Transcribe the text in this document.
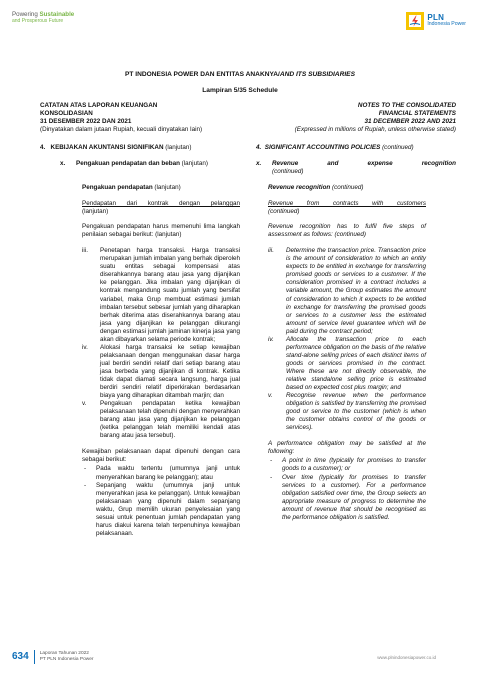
Powering Sustainable
and Prosperous Future	PLN
Indonesia Power
PT INDONESIA POWER DAN ENTITAS ANAKNYA/AND ITS SUBSIDIARIES
Lampiran 5/35 Schedule
CATATAN ATAS LAPORAN KEUANGAN
KONSOLIDASIAN
31 DESEMBER 2022 DAN 2021
(Dinyatakan dalam jutaan Rupiah, kecuali dinyatakan lain)
NOTES TO THE CONSOLIDATED
FINANCIAL STATEMENTS
31 DECEMBER 2022 AND 2021
(Expressed in millions of Rupiah, unless otherwise stated)
4. KEBIJAKAN AKUNTANSI SIGNIFIKAN (lanjutan)	4. SIGNIFICANT ACCOUNTING POLICIES (continued)
x. Pengakuan pendapatan dan beban (lanjutan)	x.	Revenue and expense recognition
(continued)
Pengakuan pendapatan (lanjutan)
Pendapatan dari kontrak dengan pelanggan
(lanjutan)
Pengakuan pendapatan harus memenuhi lima langkah penilaian sebagai berikut: (lanjutan)
iii.	Penetapan harga transaksi. Harga transaksi merupakan jumlah imbalan yang berhak diperoleh suatu entitas sebagai kompensasi atas diserahkannya barang atau jasa yang dijanjikan ke pelanggan. Jika imbalan yang dijanjikan di kontrak mengandung suatu jumlah yang bersifat variabel, maka Grup membuat estimasi jumlah imbalan tersebut sebesar jumlah yang diharapkan berhak diterima atas diserahkannya barang atau jasa yang dijanjikan ke pelanggan dikurangi dengan estimasi jumlah jaminan kinerja jasa yang akan dibayarkan selama periode kontrak;
iv.	Alokasi harga transaksi ke setiap kewajiban pelaksanaan dengan menggunakan dasar harga jual berdiri sendiri relatif dari setiap barang atau jasa berbeda yang dijanjikan di kontrak. Ketika tidak dapat diamati secara langsung, harga jual berdiri sendiri relatif diperkirakan berdasarkan biaya yang diharapkan ditambah marjin; dan
v.	Pengakuan pendapatan ketika kewajiban pelaksanaan telah dipenuhi dengan menyerahkan barang atau jasa yang dijanjikan ke pelanggan (ketika pelanggan telah memiliki kendali atas barang atau jasa tersebut).
Kewajiban pelaksanaan dapat dipenuhi dengan cara sebagai berikut:
-	Pada waktu tertentu (umumnya janji untuk menyerahkan barang ke pelanggan); atau
-	Sepanjang waktu (umumnya janji untuk menyerahkan jasa ke pelanggan). Untuk kewajiban pelaksanaan yang dipenuhi dalam sepanjang waktu, Grup memilih ukuran penyelesaian yang sesuai untuk penentuan jumlah pendapatan yang harus diakui karena telah terpenuhinya kewajiban pelaksanaan.
Revenue recognition (continued)
Revenue from contracts with customers
(continued)
Revenue recognition has to fulfil five steps of assessment as follows: (continued)
iii.	Determine the transaction price. Transaction price is the amount of consideration to which an entity expects to be entitled in exchange for transferring promised goods or services to a customer. If the consideration promised in a contract includes a variable amount, the Group estimates the amount of consideration to which it expects to be entitled in exchange for transferring the promised goods or services to a customer less the estimated amount of service level guarantee which will be paid during the contract period;
iv.	Allocate the transaction price to each performance obligation on the basis of the relative stand-alone selling prices of each distinct items of goods or services promised in the contract. Where these are not directly observable, the relative standalone selling price is estimated based on expected cost plus margin; and
v.	Recognise revenue when the performance obligation is satisfied by transferring the promised good or service to the customer (which is when the customer obtains control of the goods or services).
A performance obligation may be satisfied at the following:
-	A point in time (typically for promises to transfer goods to a customer); or
-	Over time (typically for promises to transfer services to a customer). For a performance obligation satisfied over time, the Group selects an appropriate measure of progress to determine the amount of revenue that should be recognised as the performance obligation is satisfied.
634 Laporan Tahunan 2022
PT PLN Indonesia Power	www.plnindonesiapower.co.id
